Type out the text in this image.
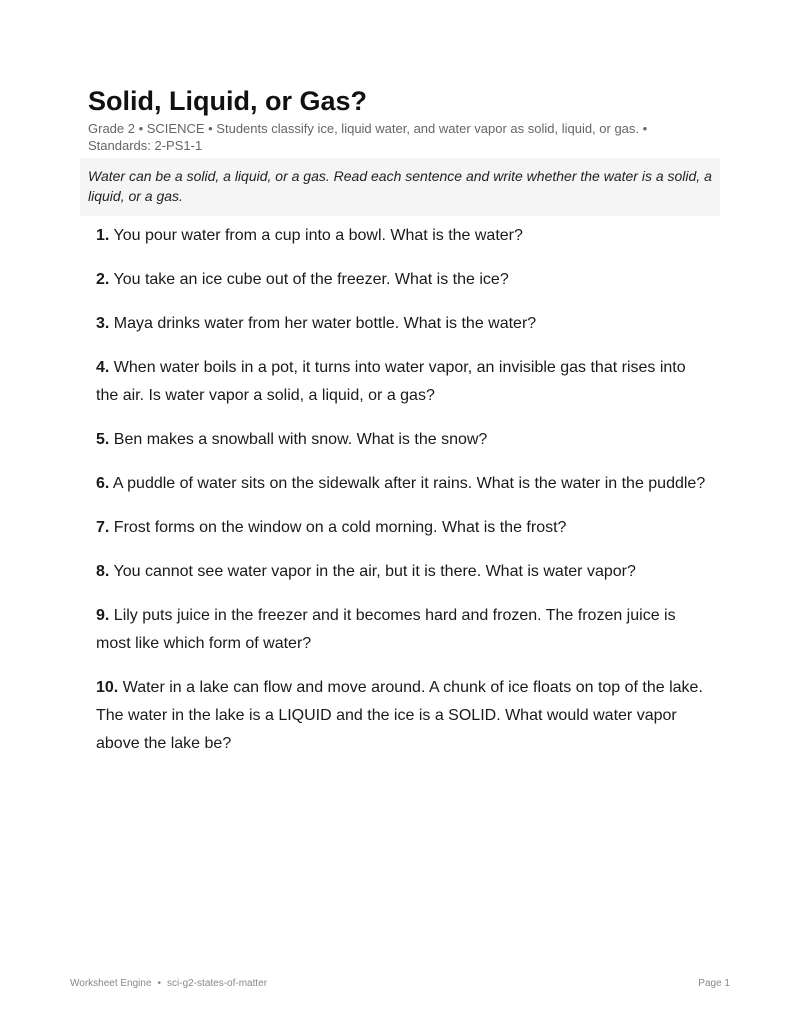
Solid, Liquid, or Gas?
Grade 2 • SCIENCE • Students classify ice, liquid water, and water vapor as solid, liquid, or gas. • Standards: 2-PS1-1
Water can be a solid, a liquid, or a gas. Read each sentence and write whether the water is a solid, a liquid, or a gas.
1. You pour water from a cup into a bowl. What is the water?
2. You take an ice cube out of the freezer. What is the ice?
3. Maya drinks water from her water bottle. What is the water?
4. When water boils in a pot, it turns into water vapor, an invisible gas that rises into the air. Is water vapor a solid, a liquid, or a gas?
5. Ben makes a snowball with snow. What is the snow?
6. A puddle of water sits on the sidewalk after it rains. What is the water in the puddle?
7. Frost forms on the window on a cold morning. What is the frost?
8. You cannot see water vapor in the air, but it is there. What is water vapor?
9. Lily puts juice in the freezer and it becomes hard and frozen. The frozen juice is most like which form of water?
10. Water in a lake can flow and move around. A chunk of ice floats on top of the lake. The water in the lake is a LIQUID and the ice is a SOLID. What would water vapor above the lake be?
Worksheet Engine • sci-g2-states-of-matter	Page 1
